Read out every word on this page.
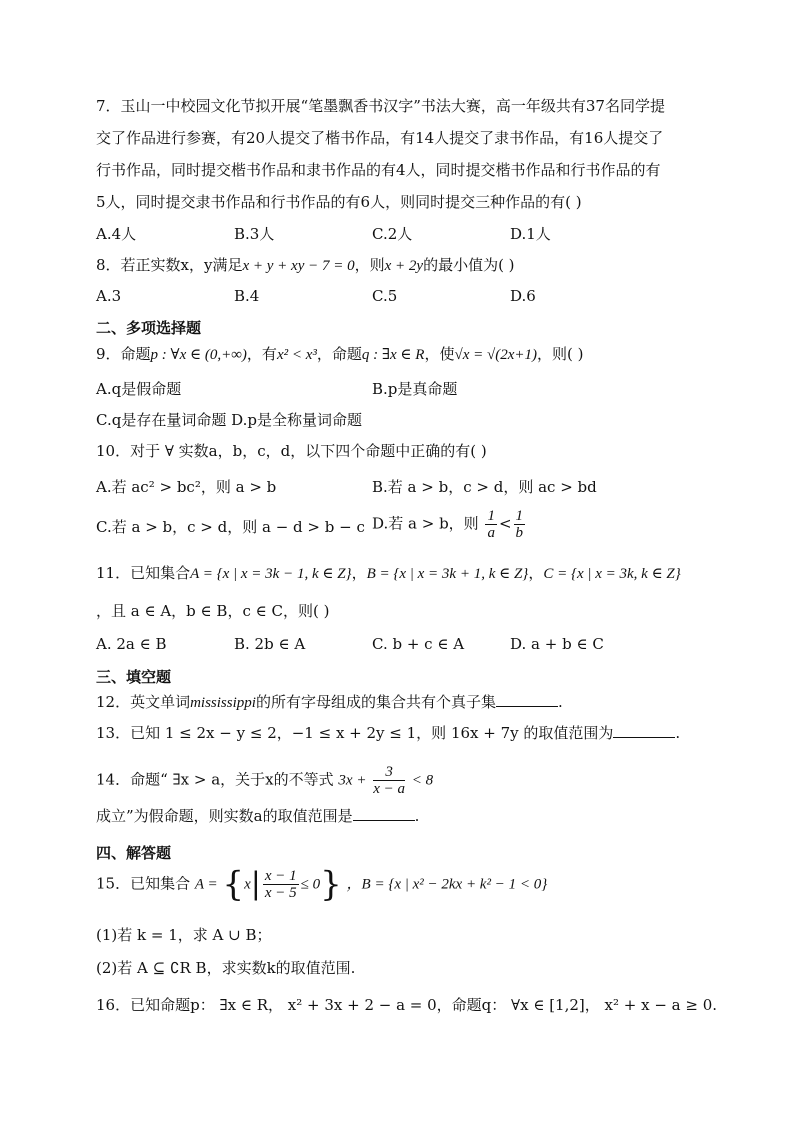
7．玉山一中校园文化节拟开展“笔墨飘香书汉字”书法大赛，高一年级共有37名同学提
交了作品进行参赛，有20人提交了楷书作品，有14人提交了隶书作品，有16人提交了
行书作品，同时提交楷书作品和隶书作品的有4人，同时提交楷书作品和行书作品的有
5人，同时提交隶书作品和行书作品的有6人，则同时提交三种作品的有( )
A.4人	B.3人	C.2人	D.1人
8．若正实数x，y满足x + y + xy − 7 = 0，则x + 2y的最小值为( )
A.3	B.4	C.5	D.6
二、多项选择题
9．命题p : ∀x ∈ (0,+∞)，有x² < x³，命题q : ∃x ∈ R，使√x = √(2x+1)，则( )
A.q是假命题	B.p是真命题
C.q是存在量词命题 D.p是全称量词命题
10．对于 ∀ 实数a，b，c，d，以下四个命题中正确的有( )
A.若 ac² > bc²，则 a > b	B.若 a > b，c > d，则 ac > bd
C.若 a > b，c > d，则 a − d > b − c D.若 a > b，则 $\frac{1}{a} < \frac{1}{b}$
11．已知集合A = {x | x = 3k − 1, k ∈ Z}，B = {x | x = 3k + 1, k ∈ Z}，C = {x | x = 3k, k ∈ Z}
，且 a ∈ A，b ∈ B，c ∈ C，则( )
A. 2a ∈ B	B. 2b ∈ A	C. b + c ∈ A	D. a + b ∈ C
三、填空题
12．英文单词mississippi的所有字母组成的集合共有个真子集	.
13．已知 1 ≤ 2x − y ≤ 2，−1 ≤ x + 2y ≤ 1，则 16x + 7y 的取值范围为	.
14．命题“ ∃x > a，关于x的不等式 $3x + \frac{3}{x - a} < 8$
成立”为假命题，则实数a的取值范围是	.
四、解答题
15．已知集合 $A = \{x| \frac{x - 1}{x - 5} \le 0\}$ ，B = {x | x² − 2kx + k² − 1 < 0}
(1)若 k = 1，求 A ∪ B；
(2)若 A ⊆ ∁R B，求实数k的取值范围.
16．已知命题p： ∃x ∈ R， x² + 3x + 2 − a = 0，命题q： ∀x ∈ [1,2]， x² + x − a ≥ 0.
